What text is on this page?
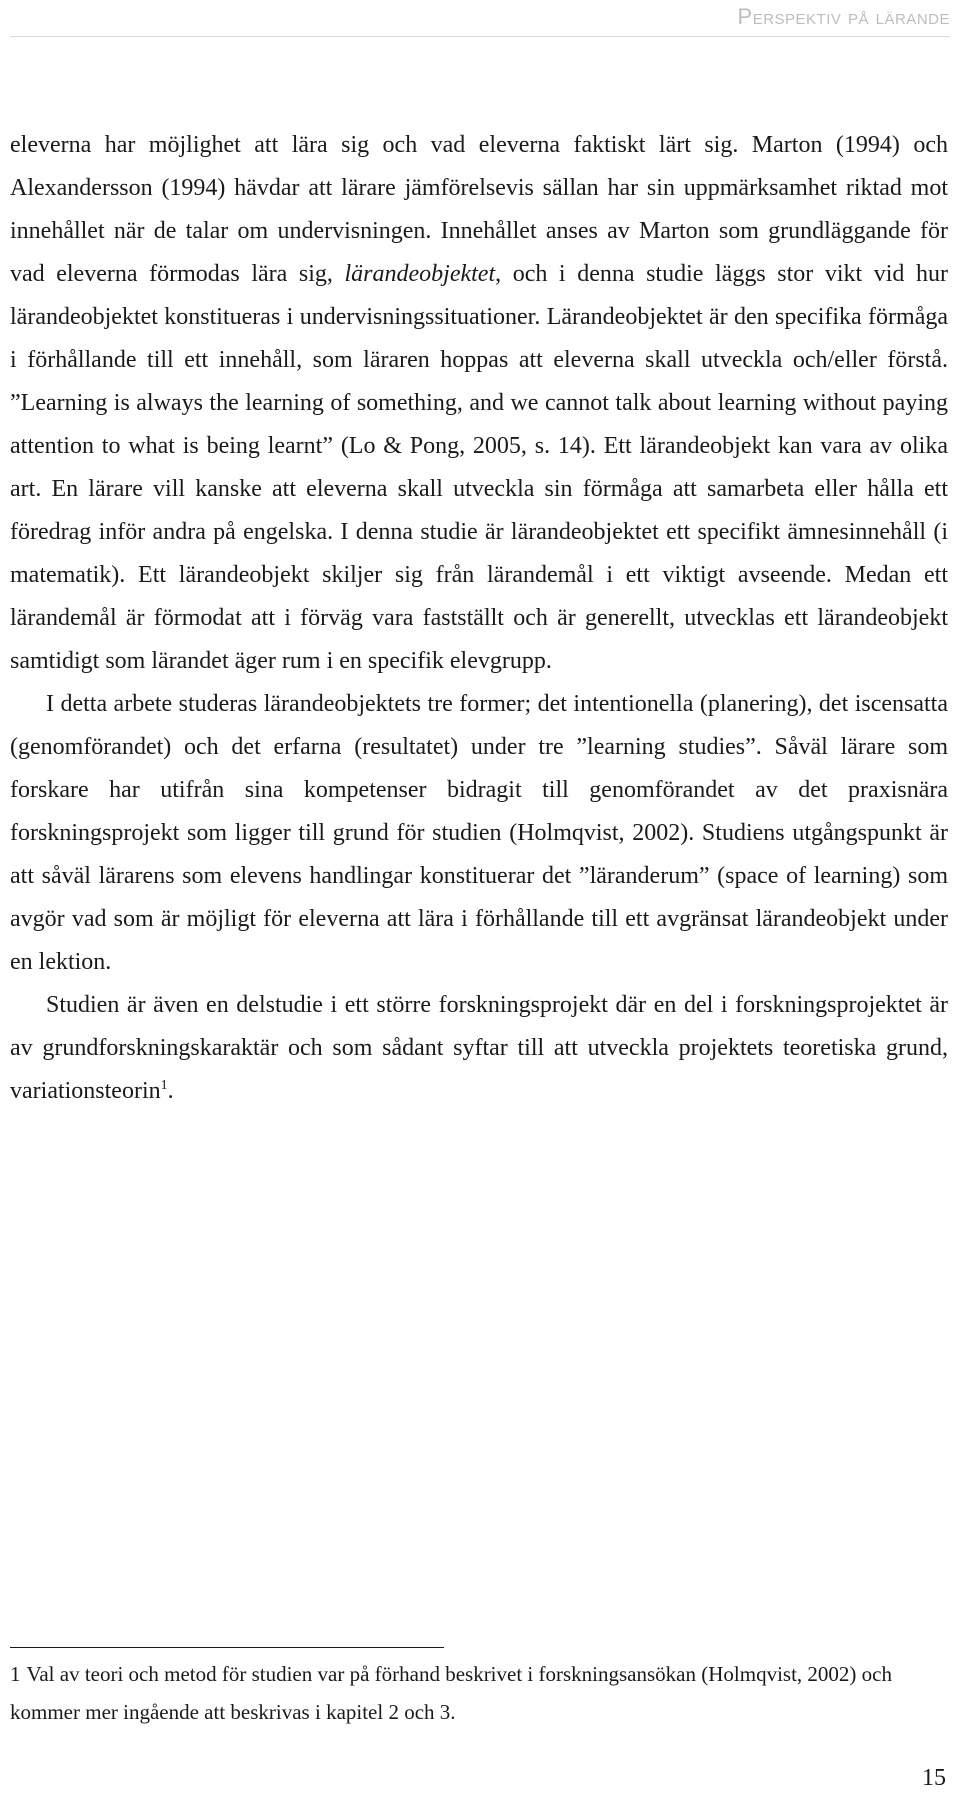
Perspektiv på lärande

eleverna har möjlighet att lära sig och vad eleverna faktiskt lärt sig. Marton (1994) och Alexandersson (1994) hävdar att lärare jämförelsevis sällan har sin uppmärksamhet riktad mot innehållet när de talar om undervisningen. Innehållet anses av Marton som grundläggande för vad eleverna förmodas lära sig, lärandeobjektet, och i denna studie läggs stor vikt vid hur lärandeobjektet konstitueras i undervisningssituationer. Lärandeobjektet är den specifika förmåga i förhållande till ett innehåll, som läraren hoppas att eleverna skall utveckla och/eller förstå. ”Learning is always the learning of something, and we cannot talk about learning without paying attention to what is being learnt” (Lo & Pong, 2005, s. 14). Ett lärandeobjekt kan vara av olika art. En lärare vill kanske att eleverna skall utveckla sin förmåga att samarbeta eller hålla ett föredrag inför andra på engelska. I denna studie är lärandeobjektet ett specifikt ämnesinnehåll (i matematik). Ett lärandeobjekt skiljer sig från lärandemål i ett viktigt avseende. Medan ett lärandemål är förmodat att i förväg vara fastställt och är generellt, utvecklas ett lärandeobjekt samtidigt som lärandet äger rum i en specifik elevgrupp.

I detta arbete studeras lärandeobjektets tre former; det intentionella (planering), det iscensatta (genomförandet) och det erfarna (resultatet) under tre ”learning studies”. Såväl lärare som forskare har utifrån sina kompetenser bidragit till genomförandet av det praxisnära forskningsprojekt som ligger till grund för studien (Holmqvist, 2002). Studiens utgångspunkt är att såväl lärarens som elevens handlingar konstituerar det ”läranderum” (space of learning) som avgör vad som är möjligt för eleverna att lära i förhållande till ett avgränsat lärandeobjekt under en lektion.

Studien är även en delstudie i ett större forskningsprojekt där en del i forskningsprojektet är av grundforskningskaraktär och som sådant syftar till att utveckla projektets teoretiska grund, variationsteorin$^1$.

1 Val av teori och metod för studien var på förhand beskrivet i forskningsansökan (Holmqvist, 2002) och kommer mer ingående att beskrivas i kapitel 2 och 3.
15
